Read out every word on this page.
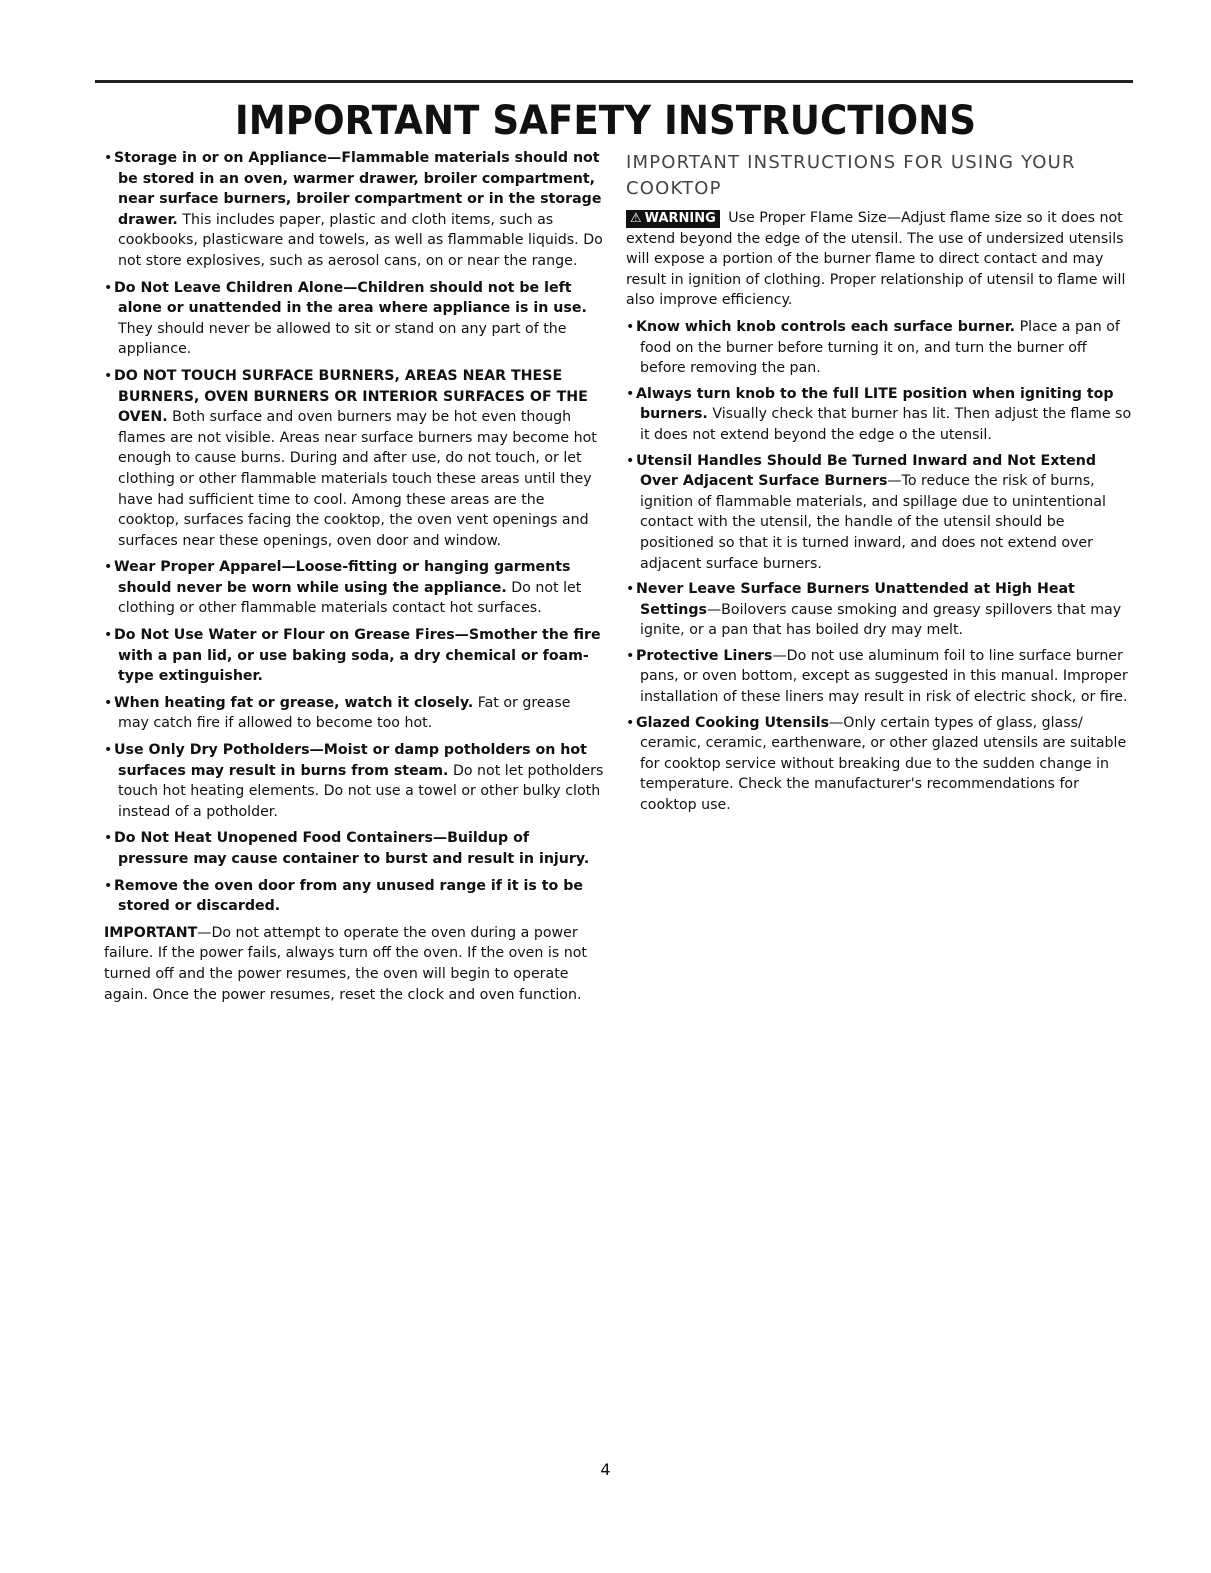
IMPORTANT SAFETY INSTRUCTIONS

• Storage in or on Appliance—Flammable materials should not be stored in an oven, warmer drawer, broiler compartment, near surface burners, broiler compartment or in the storage drawer. This includes paper, plastic and cloth items, such as cookbooks, plasticware and towels, as well as flammable liquids. Do not store explosives, such as aerosol cans, on or near the range.

• Do Not Leave Children Alone—Children should not be left alone or unattended in the area where appliance is in use. They should never be allowed to sit or stand on any part of the appliance.

• DO NOT TOUCH SURFACE BURNERS, AREAS NEAR THESE BURNERS, OVEN BURNERS OR INTERIOR SURFACES OF THE OVEN. Both surface and oven burners may be hot even though flames are not visible. Areas near surface burners may become hot enough to cause burns. During and after use, do not touch, or let clothing or other flammable materials touch these areas until they have had sufficient time to cool. Among these areas are the cooktop, surfaces facing the cooktop, the oven vent openings and surfaces near these openings, oven door and window.

• Wear Proper Apparel—Loose-fitting or hanging garments should never be worn while using the appliance. Do not let clothing or other flammable materials contact hot surfaces.

• Do Not Use Water or Flour on Grease Fires—Smother the fire with a pan lid, or use baking soda, a dry chemical or foam-type extinguisher.

• When heating fat or grease, watch it closely. Fat or grease may catch fire if allowed to become too hot.

• Use Only Dry Potholders—Moist or damp potholders on hot surfaces may result in burns from steam. Do not let potholders touch hot heating elements. Do not use a towel or other bulky cloth instead of a potholder.

• Do Not Heat Unopened Food Containers—Buildup of pressure may cause container to burst and result in injury.

• Remove the oven door from any unused range if it is to be stored or discarded.

IMPORTANT—Do not attempt to operate the oven during a power failure. If the power fails, always turn off the oven. If the oven is not turned off and the power resumes, the oven will begin to operate again. Once the power resumes, reset the clock and oven function.

IMPORTANT INSTRUCTIONS FOR USING YOUR COOKTOP

⚠ WARNING Use Proper Flame Size—Adjust flame size so it does not extend beyond the edge of the utensil. The use of undersized utensils will expose a portion of the burner flame to direct contact and may result in ignition of clothing. Proper relationship of utensil to flame will also improve efficiency.

• Know which knob controls each surface burner. Place a pan of food on the burner before turning it on, and turn the burner off before removing the pan.

• Always turn knob to the full LITE position when igniting top burners. Visually check that burner has lit. Then adjust the flame so it does not extend beyond the edge o the utensil.

• Utensil Handles Should Be Turned Inward and Not Extend Over Adjacent Surface Burners—To reduce the risk of burns, ignition of flammable materials, and spillage due to unintentional contact with the utensil, the handle of the utensil should be positioned so that it is turned inward, and does not extend over adjacent surface burners.

• Never Leave Surface Burners Unattended at High Heat Settings—Boilovers cause smoking and greasy spillovers that may ignite, or a pan that has boiled dry may melt.

• Protective Liners—Do not use aluminum foil to line surface burner pans, or oven bottom, except as suggested in this manual. Improper installation of these liners may result in risk of electric shock, or fire.

• Glazed Cooking Utensils—Only certain types of glass, glass/ ceramic, ceramic, earthenware, or other glazed utensils are suitable for cooktop service without breaking due to the sudden change in temperature. Check the manufacturer's recommendations for cooktop use.

4
